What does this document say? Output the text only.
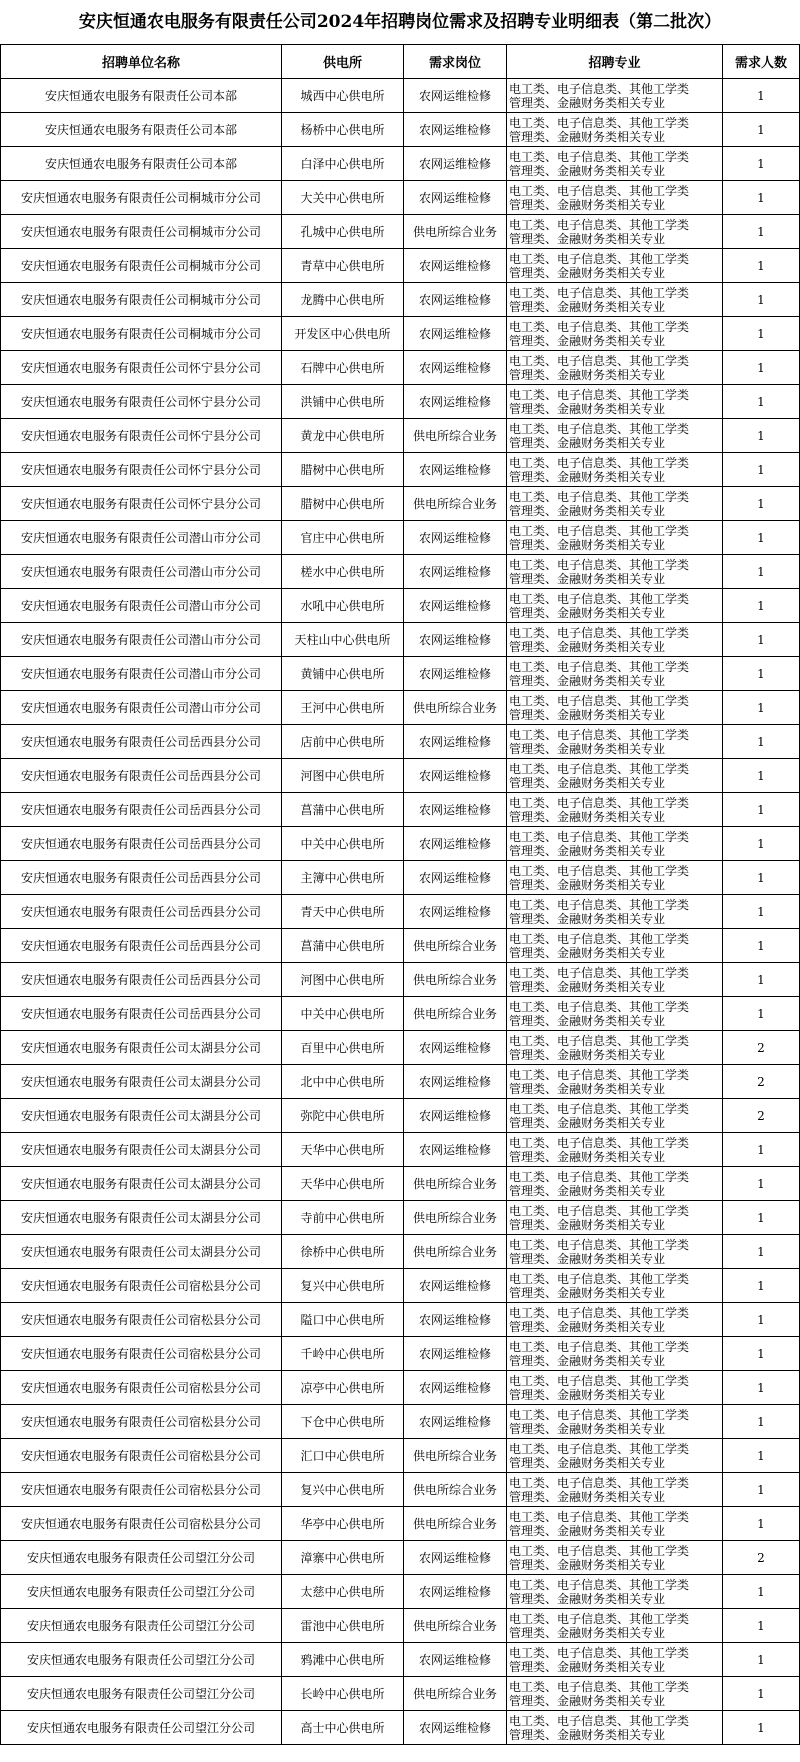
安庆恒通农电服务有限责任公司2024年招聘岗位需求及招聘专业明细表（第二批次）
招聘单位名称	供电所	需求岗位	招聘专业	需求人数
安庆恒通农电服务有限责任公司本部	城西中心供电所	农网运维检修	电工类、电子信息类、其他工学类
管理类、金融财务类相关专业	1
安庆恒通农电服务有限责任公司本部	杨桥中心供电所	农网运维检修	电工类、电子信息类、其他工学类
管理类、金融财务类相关专业	1
安庆恒通农电服务有限责任公司本部	白泽中心供电所	农网运维检修	电工类、电子信息类、其他工学类
管理类、金融财务类相关专业	1
安庆恒通农电服务有限责任公司桐城市分公司	大关中心供电所	农网运维检修	电工类、电子信息类、其他工学类
管理类、金融财务类相关专业	1
安庆恒通农电服务有限责任公司桐城市分公司	孔城中心供电所	供电所综合业务	电工类、电子信息类、其他工学类
管理类、金融财务类相关专业	1
安庆恒通农电服务有限责任公司桐城市分公司	青草中心供电所	农网运维检修	电工类、电子信息类、其他工学类
管理类、金融财务类相关专业	1
安庆恒通农电服务有限责任公司桐城市分公司	龙腾中心供电所	农网运维检修	电工类、电子信息类、其他工学类
管理类、金融财务类相关专业	1
安庆恒通农电服务有限责任公司桐城市分公司	开发区中心供电所	农网运维检修	电工类、电子信息类、其他工学类
管理类、金融财务类相关专业	1
安庆恒通农电服务有限责任公司怀宁县分公司	石牌中心供电所	农网运维检修	电工类、电子信息类、其他工学类
管理类、金融财务类相关专业	1
安庆恒通农电服务有限责任公司怀宁县分公司	洪铺中心供电所	农网运维检修	电工类、电子信息类、其他工学类
管理类、金融财务类相关专业	1
安庆恒通农电服务有限责任公司怀宁县分公司	黄龙中心供电所	供电所综合业务	电工类、电子信息类、其他工学类
管理类、金融财务类相关专业	1
安庆恒通农电服务有限责任公司怀宁县分公司	腊树中心供电所	农网运维检修	电工类、电子信息类、其他工学类
管理类、金融财务类相关专业	1
安庆恒通农电服务有限责任公司怀宁县分公司	腊树中心供电所	供电所综合业务	电工类、电子信息类、其他工学类
管理类、金融财务类相关专业	1
安庆恒通农电服务有限责任公司潜山市分公司	官庄中心供电所	农网运维检修	电工类、电子信息类、其他工学类
管理类、金融财务类相关专业	1
安庆恒通农电服务有限责任公司潜山市分公司	槎水中心供电所	农网运维检修	电工类、电子信息类、其他工学类
管理类、金融财务类相关专业	1
安庆恒通农电服务有限责任公司潜山市分公司	水吼中心供电所	农网运维检修	电工类、电子信息类、其他工学类
管理类、金融财务类相关专业	1
安庆恒通农电服务有限责任公司潜山市分公司	天柱山中心供电所	农网运维检修	电工类、电子信息类、其他工学类
管理类、金融财务类相关专业	1
安庆恒通农电服务有限责任公司潜山市分公司	黄铺中心供电所	农网运维检修	电工类、电子信息类、其他工学类
管理类、金融财务类相关专业	1
安庆恒通农电服务有限责任公司潜山市分公司	王河中心供电所	供电所综合业务	电工类、电子信息类、其他工学类
管理类、金融财务类相关专业	1
安庆恒通农电服务有限责任公司岳西县分公司	店前中心供电所	农网运维检修	电工类、电子信息类、其他工学类
管理类、金融财务类相关专业	1
安庆恒通农电服务有限责任公司岳西县分公司	河图中心供电所	农网运维检修	电工类、电子信息类、其他工学类
管理类、金融财务类相关专业	1
安庆恒通农电服务有限责任公司岳西县分公司	菖蒲中心供电所	农网运维检修	电工类、电子信息类、其他工学类
管理类、金融财务类相关专业	1
安庆恒通农电服务有限责任公司岳西县分公司	中关中心供电所	农网运维检修	电工类、电子信息类、其他工学类
管理类、金融财务类相关专业	1
安庆恒通农电服务有限责任公司岳西县分公司	主簿中心供电所	农网运维检修	电工类、电子信息类、其他工学类
管理类、金融财务类相关专业	1
安庆恒通农电服务有限责任公司岳西县分公司	青天中心供电所	农网运维检修	电工类、电子信息类、其他工学类
管理类、金融财务类相关专业	1
安庆恒通农电服务有限责任公司岳西县分公司	菖蒲中心供电所	供电所综合业务	电工类、电子信息类、其他工学类
管理类、金融财务类相关专业	1
安庆恒通农电服务有限责任公司岳西县分公司	河图中心供电所	供电所综合业务	电工类、电子信息类、其他工学类
管理类、金融财务类相关专业	1
安庆恒通农电服务有限责任公司岳西县分公司	中关中心供电所	供电所综合业务	电工类、电子信息类、其他工学类
管理类、金融财务类相关专业	1
安庆恒通农电服务有限责任公司太湖县分公司	百里中心供电所	农网运维检修	电工类、电子信息类、其他工学类
管理类、金融财务类相关专业	2
安庆恒通农电服务有限责任公司太湖县分公司	北中中心供电所	农网运维检修	电工类、电子信息类、其他工学类
管理类、金融财务类相关专业	2
安庆恒通农电服务有限责任公司太湖县分公司	弥陀中心供电所	农网运维检修	电工类、电子信息类、其他工学类
管理类、金融财务类相关专业	2
安庆恒通农电服务有限责任公司太湖县分公司	天华中心供电所	农网运维检修	电工类、电子信息类、其他工学类
管理类、金融财务类相关专业	1
安庆恒通农电服务有限责任公司太湖县分公司	天华中心供电所	供电所综合业务	电工类、电子信息类、其他工学类
管理类、金融财务类相关专业	1
安庆恒通农电服务有限责任公司太湖县分公司	寺前中心供电所	供电所综合业务	电工类、电子信息类、其他工学类
管理类、金融财务类相关专业	1
安庆恒通农电服务有限责任公司太湖县分公司	徐桥中心供电所	供电所综合业务	电工类、电子信息类、其他工学类
管理类、金融财务类相关专业	1
安庆恒通农电服务有限责任公司宿松县分公司	复兴中心供电所	农网运维检修	电工类、电子信息类、其他工学类
管理类、金融财务类相关专业	1
安庆恒通农电服务有限责任公司宿松县分公司	隘口中心供电所	农网运维检修	电工类、电子信息类、其他工学类
管理类、金融财务类相关专业	1
安庆恒通农电服务有限责任公司宿松县分公司	千岭中心供电所	农网运维检修	电工类、电子信息类、其他工学类
管理类、金融财务类相关专业	1
安庆恒通农电服务有限责任公司宿松县分公司	凉亭中心供电所	农网运维检修	电工类、电子信息类、其他工学类
管理类、金融财务类相关专业	1
安庆恒通农电服务有限责任公司宿松县分公司	下仓中心供电所	农网运维检修	电工类、电子信息类、其他工学类
管理类、金融财务类相关专业	1
安庆恒通农电服务有限责任公司宿松县分公司	汇口中心供电所	供电所综合业务	电工类、电子信息类、其他工学类
管理类、金融财务类相关专业	1
安庆恒通农电服务有限责任公司宿松县分公司	复兴中心供电所	供电所综合业务	电工类、电子信息类、其他工学类
管理类、金融财务类相关专业	1
安庆恒通农电服务有限责任公司宿松县分公司	华亭中心供电所	供电所综合业务	电工类、电子信息类、其他工学类
管理类、金融财务类相关专业	1
安庆恒通农电服务有限责任公司望江分公司	漳寨中心供电所	农网运维检修	电工类、电子信息类、其他工学类
管理类、金融财务类相关专业	2
安庆恒通农电服务有限责任公司望江分公司	太慈中心供电所	农网运维检修	电工类、电子信息类、其他工学类
管理类、金融财务类相关专业	1
安庆恒通农电服务有限责任公司望江分公司	雷池中心供电所	供电所综合业务	电工类、电子信息类、其他工学类
管理类、金融财务类相关专业	1
安庆恒通农电服务有限责任公司望江分公司	鸦滩中心供电所	农网运维检修	电工类、电子信息类、其他工学类
管理类、金融财务类相关专业	1
安庆恒通农电服务有限责任公司望江分公司	长岭中心供电所	供电所综合业务	电工类、电子信息类、其他工学类
管理类、金融财务类相关专业	1
安庆恒通农电服务有限责任公司望江分公司	高士中心供电所	农网运维检修	电工类、电子信息类、其他工学类
管理类、金融财务类相关专业	1
